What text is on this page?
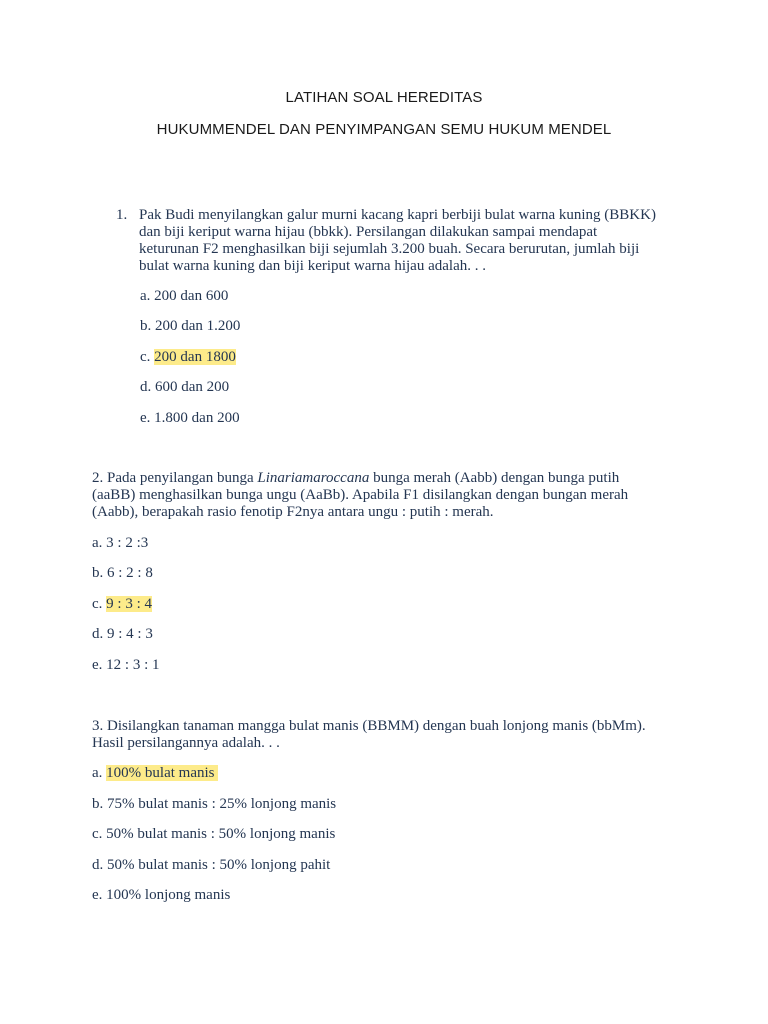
LATIHAN SOAL HEREDITAS
HUKUMMENDEL DAN PENYIMPANGAN SEMU HUKUM MENDEL
1. Pak Budi menyilangkan galur murni kacang kapri berbiji bulat warna kuning (BBKK)
dan biji keriput warna hijau (bbkk). Persilangan dilakukan sampai mendapat
keturunan F2 menghasilkan biji sejumlah 3.200 buah. Secara berurutan, jumlah biji
bulat warna kuning dan biji keriput warna hijau adalah. . .
a. 200 dan 600
b. 200 dan 1.200
c. 200 dan 1800
d. 600 dan 200
e. 1.800 dan 200
2. Pada penyilangan bunga Linariamaroccana bunga merah (Aabb) dengan bunga putih
(aaBB) menghasilkan bunga ungu (AaBb). Apabila F1 disilangkan dengan bungan merah
(Aabb), berapakah rasio fenotip F2nya antara ungu : putih : merah.
a. 3 : 2 :3
b. 6 : 2 : 8
c. 9 : 3 : 4
d. 9 : 4 : 3
e. 12 : 3 : 1
3. Disilangkan tanaman mangga bulat manis (BBMM) dengan buah lonjong manis (bbMm).
Hasil persilangannya adalah. . .
a. 100% bulat manis
b. 75% bulat manis : 25% lonjong manis
c. 50% bulat manis : 50% lonjong manis
d. 50% bulat manis : 50% lonjong pahit
e. 100% lonjong manis
